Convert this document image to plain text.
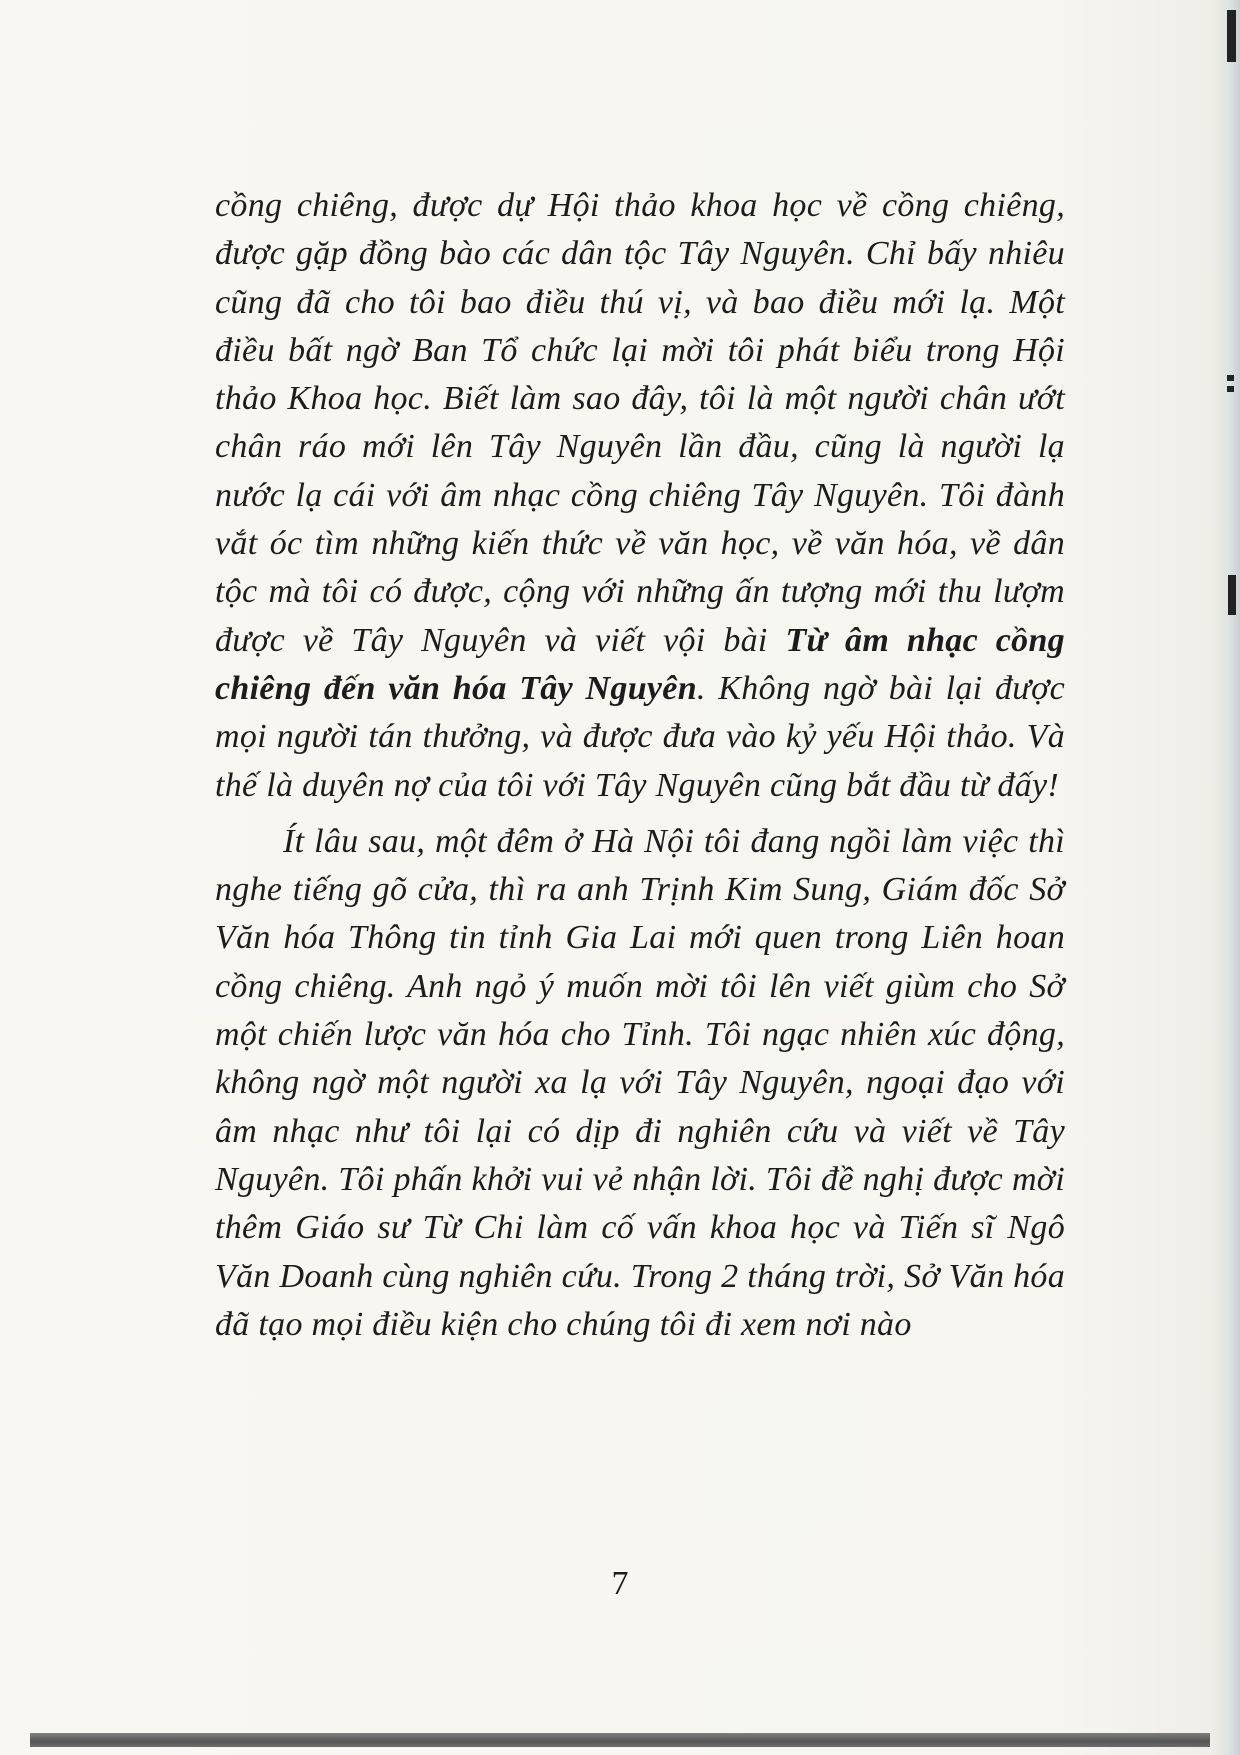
cồng chiêng, được dự Hội thảo khoa học về cồng chiêng, được gặp đồng bào các dân tộc Tây Nguyên. Chỉ bấy nhiêu cũng đã cho tôi bao điều thú vị, và bao điều mới lạ. Một điều bất ngờ Ban Tổ chức lại mời tôi phát biểu trong Hội thảo Khoa học. Biết làm sao đây, tôi là một người chân ướt chân ráo mới lên Tây Nguyên lần đầu, cũng là người lạ nước lạ cái với âm nhạc cồng chiêng Tây Nguyên. Tôi đành vắt óc tìm những kiến thức về văn học, về văn hóa, về dân tộc mà tôi có được, cộng với những ấn tượng mới thu lượm được về Tây Nguyên và viết vội bài Từ âm nhạc cồng chiêng đến văn hóa Tây Nguyên. Không ngờ bài lại được mọi người tán thưởng, và được đưa vào kỷ yếu Hội thảo. Và thế là duyên nợ của tôi với Tây Nguyên cũng bắt đầu từ đấy!

Ít lâu sau, một đêm ở Hà Nội tôi đang ngồi làm việc thì nghe tiếng gõ cửa, thì ra anh Trịnh Kim Sung, Giám đốc Sở Văn hóa Thông tin tỉnh Gia Lai mới quen trong Liên hoan cồng chiêng. Anh ngỏ ý muốn mời tôi lên viết giùm cho Sở một chiến lược văn hóa cho Tỉnh. Tôi ngạc nhiên xúc động, không ngờ một người xa lạ với Tây Nguyên, ngoại đạo với âm nhạc như tôi lại có dịp đi nghiên cứu và viết về Tây Nguyên. Tôi phấn khởi vui vẻ nhận lời. Tôi đề nghị được mời thêm Giáo sư Từ Chi làm cố vấn khoa học và Tiến sĩ Ngô Văn Doanh cùng nghiên cứu. Trong 2 tháng trời, Sở Văn hóa đã tạo mọi điều kiện cho chúng tôi đi xem nơi nào

7
